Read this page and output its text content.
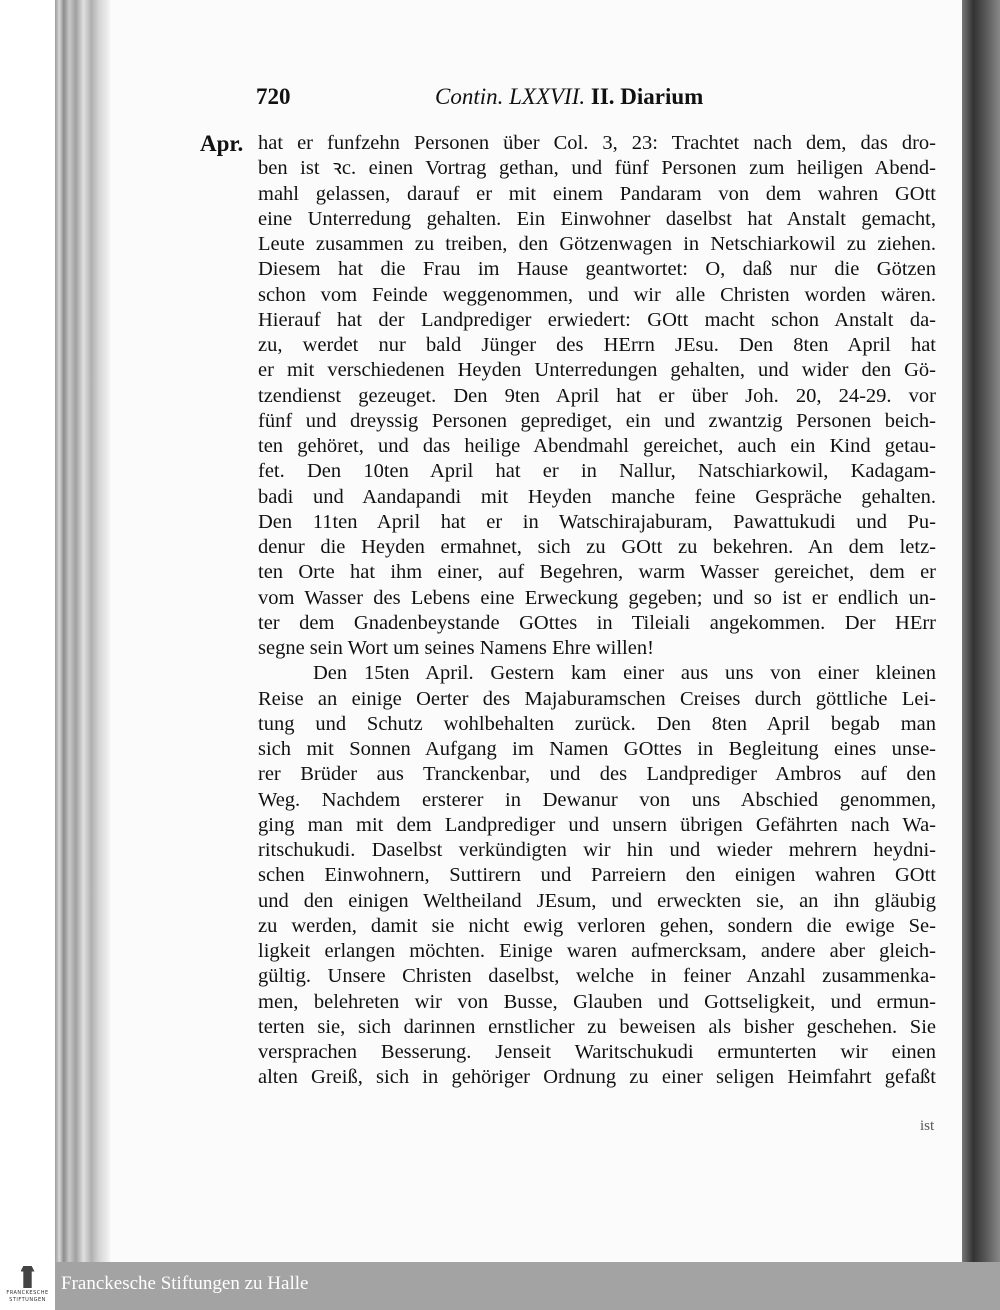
720	Contin. LXXVII. II. Diarium
Apr. hat er funfzehn Personen über Col. 3, 23: Trachtet nach dem, das dro-
ben ist ꝛc. einen Vortrag gethan, und fünf Personen zum heiligen Abend-
mahl gelassen, darauf er mit einem Pandaram von dem wahren GOtt
eine Unterredung gehalten. Ein Einwohner daselbst hat Anstalt gemacht,
Leute zusammen zu treiben, den Götzenwagen in Netschiarkowil zu ziehen.
Diesem hat die Frau im Hause geantwortet: O, daß nur die Götzen
schon vom Feinde weggenommen, und wir alle Christen worden wären.
Hierauf hat der Landprediger erwiedert: GOtt macht schon Anstalt da-
zu, werdet nur bald Jünger des HErrn JEsu. Den 8ten April hat
er mit verschiedenen Heyden Unterredungen gehalten, und wider den Gö-
tzendienst gezeuget. Den 9ten April hat er über Joh. 20, 24-29. vor
fünf und dreyssig Personen geprediget, ein und zwantzig Personen beich-
ten gehöret, und das heilige Abendmahl gereichet, auch ein Kind getau-
fet. Den 10ten April hat er in Nallur, Natschiarkowil, Kadagam-
badi und Aandapandi mit Heyden manche feine Gespräche gehalten.
Den 11ten April hat er in Watschirajaburam, Pawattukudi und Pu-
denur die Heyden ermahnet, sich zu GOtt zu bekehren. An dem letz-
ten Orte hat ihm einer, auf Begehren, warm Wasser gereichet, dem er
vom Wasser des Lebens eine Erweckung gegeben; und so ist er endlich un-
ter dem Gnadenbeystande GOttes in Tileiali angekommen. Der HErr
segne sein Wort um seines Namens Ehre willen!
Den 15ten April. Gestern kam einer aus uns von einer kleinen
Reise an einige Oerter des Majaburamschen Creises durch göttliche Lei-
tung und Schutz wohlbehalten zurück. Den 8ten April begab man
sich mit Sonnen Aufgang im Namen GOttes in Begleitung eines unse-
rer Brüder aus Tranckenbar, und des Landprediger Ambros auf den
Weg. Nachdem ersterer in Dewanur von uns Abschied genommen,
ging man mit dem Landprediger und unsern übrigen Gefährten nach Wa-
ritschukudi. Daselbst verkündigten wir hin und wieder mehrern heydni-
schen Einwohnern, Suttirern und Parreiern den einigen wahren GOtt
und den einigen Weltheiland JEsum, und erweckten sie, an ihn gläubig
zu werden, damit sie nicht ewig verloren gehen, sondern die ewige Se-
ligkeit erlangen möchten. Einige waren aufmercksam, andere aber gleich-
gültig. Unsere Christen daselbst, welche in feiner Anzahl zusammenka-
men, belehreten wir von Busse, Glauben und Gottseligkeit, und ermun-
terten sie, sich darinnen ernstlicher zu beweisen als bisher geschehen. Sie
versprachen Besserung. Jenseit Waritschukudi ermunterten wir einen
alten Greiß, sich in gehöriger Ordnung zu einer seligen Heimfahrt gefaßt
ist
FRANCKESCHE STIFTUNGEN
Franckesche Stiftungen zu Halle
